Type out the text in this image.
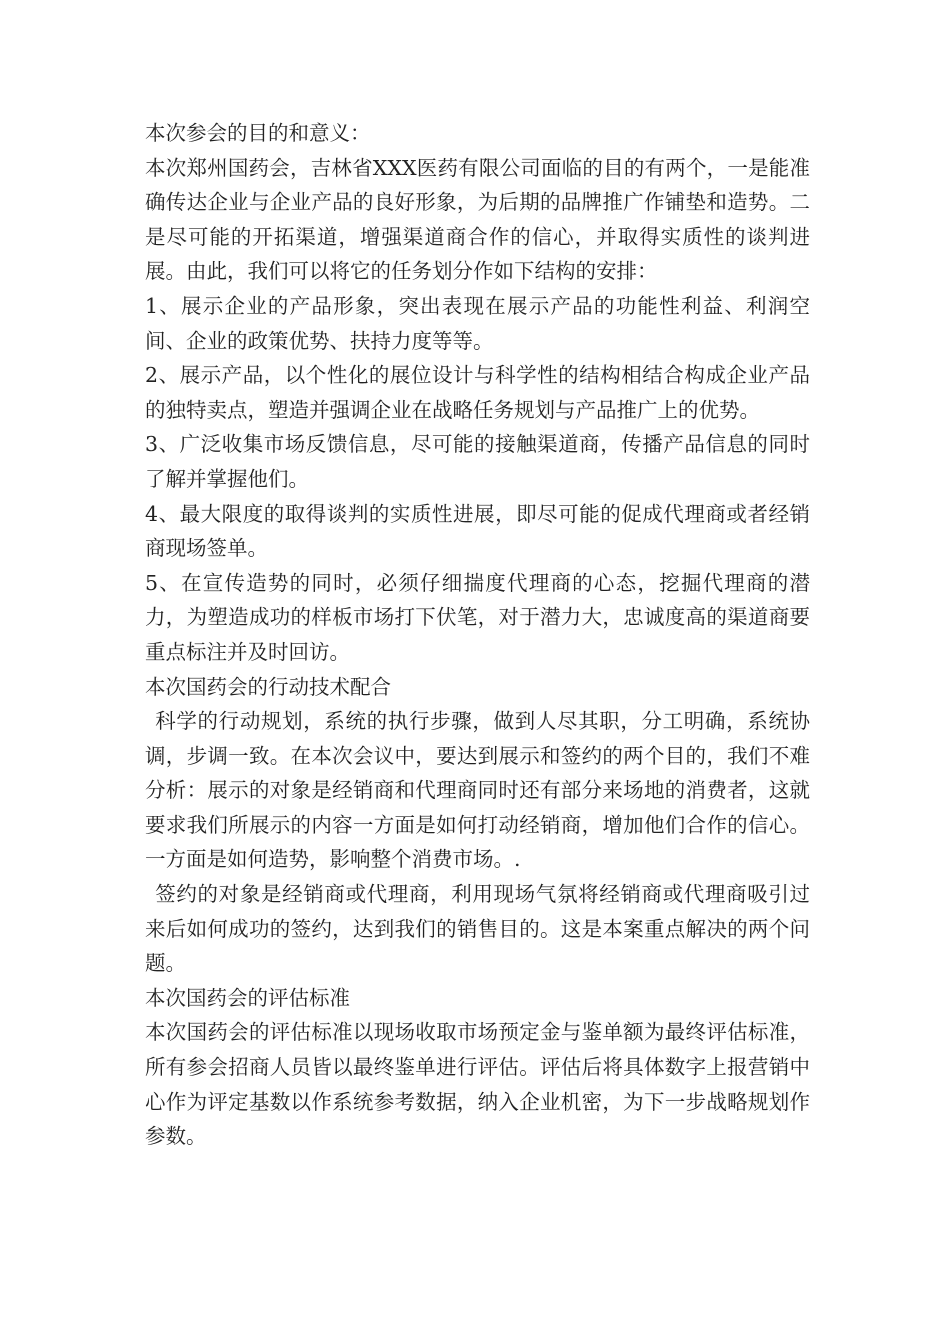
本次参会的目的和意义：

本次郑州国药会，吉林省XXX医药有限公司面临的目的有两个，一是能准确传达企业与企业产品的良好形象，为后期的品牌推广作铺垫和造势。二是尽可能的开拓渠道，增强渠道商合作的信心，并取得实质性的谈判进展。由此，我们可以将它的任务划分作如下结构的安排：

1、展示企业的产品形象，突出表现在展示产品的功能性利益、利润空间、企业的政策优势、扶持力度等等。

2、展示产品，以个性化的展位设计与科学性的结构相结合构成企业产品的独特卖点，塑造并强调企业在战略任务规划与产品推广上的优势。

3、广泛收集市场反馈信息，尽可能的接触渠道商，传播产品信息的同时了解并掌握他们。

4、最大限度的取得谈判的实质性进展，即尽可能的促成代理商或者经销商现场签单。

5、在宣传造势的同时，必须仔细揣度代理商的心态，挖掘代理商的潜力，为塑造成功的样板市场打下伏笔，对于潜力大，忠诚度高的渠道商要重点标注并及时回访。

本次国药会的行动技术配合

科学的行动规划，系统的执行步骤，做到人尽其职，分工明确，系统协调，步调一致。在本次会议中，要达到展示和签约的两个目的，我们不难分析：展示的对象是经销商和代理商同时还有部分来场地的消费者，这就要求我们所展示的内容一方面是如何打动经销商，增加他们合作的信心。一方面是如何造势，影响整个消费市场。.

签约的对象是经销商或代理商，利用现场气氛将经销商或代理商吸引过来后如何成功的签约，达到我们的销售目的。这是本案重点解决的两个问题。

本次国药会的评估标准

本次国药会的评估标准以现场收取市场预定金与鉴单额为最终评估标准，所有参会招商人员皆以最终鉴单进行评估。评估后将具体数字上报营销中心作为评定基数以作系统参考数据，纳入企业机密，为下一步战略规划作参数。
